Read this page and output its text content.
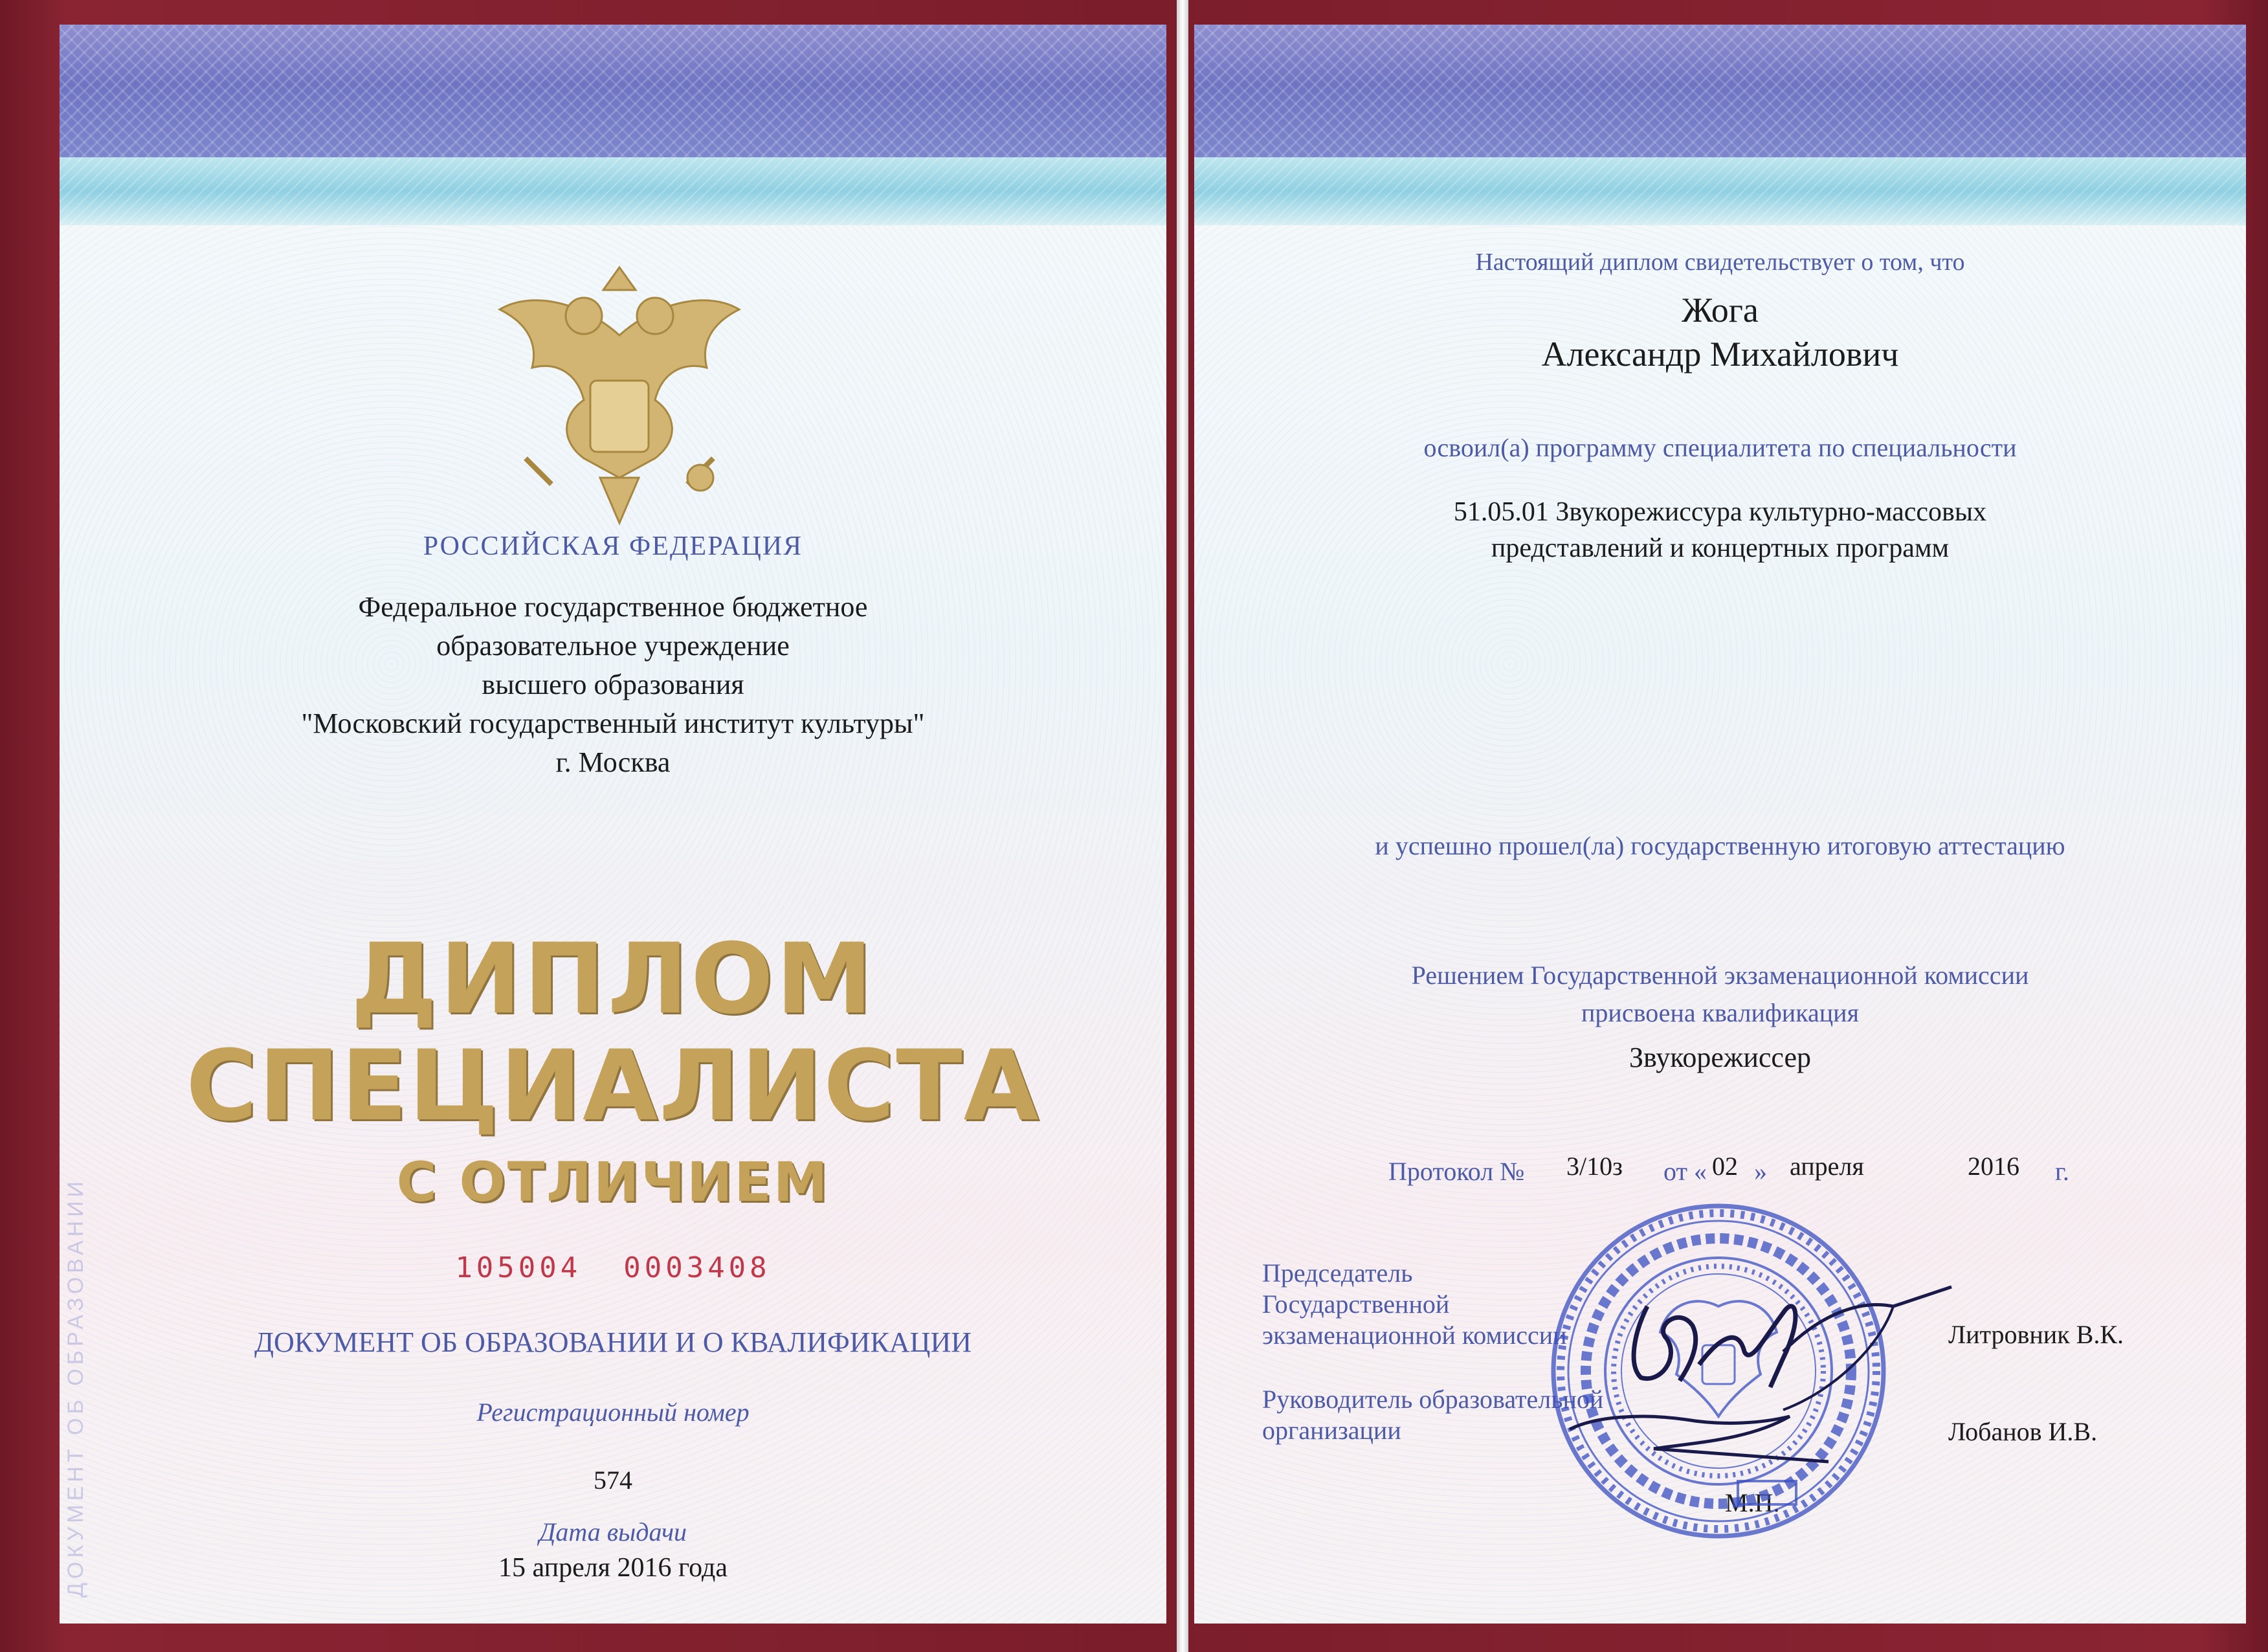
ДОКУМЕНТ ОБ ОБРАЗОВАНИИ
РОССИЙСКАЯ ФЕДЕРАЦИЯ
Федеральное государственное бюджетное
образовательное учреждение
высшего образования
"Московский государственный институт культуры"
г. Москва
ДИПЛОМ
СПЕЦИАЛИСТА
С ОТЛИЧИЕМ
105004  0003408
ДОКУМЕНТ ОБ ОБРАЗОВАНИИ И О КВАЛИФИКАЦИИ
Регистрационный номер
574
Дата выдачи
15 апреля 2016 года
Настоящий диплом свидетельствует о том, что
Жога
Александр Михайлович
освоил(а) программу специалитета по специальности
51.05.01 Звукорежиссура культурно-массовых
представлений и концертных программ
и успешно прошел(ла) государственную итоговую аттестацию
Решением Государственной экзаменационной комиссии
присвоена квалификация
Звукорежиссер
Протокол № 3/10з от « 02 » апреля	2016 г.
Председатель
Государственной
экзаменационной комиссии	Литровник В.К.
Руководитель образовательной
организации	Лобанов И.В.
М.П.
